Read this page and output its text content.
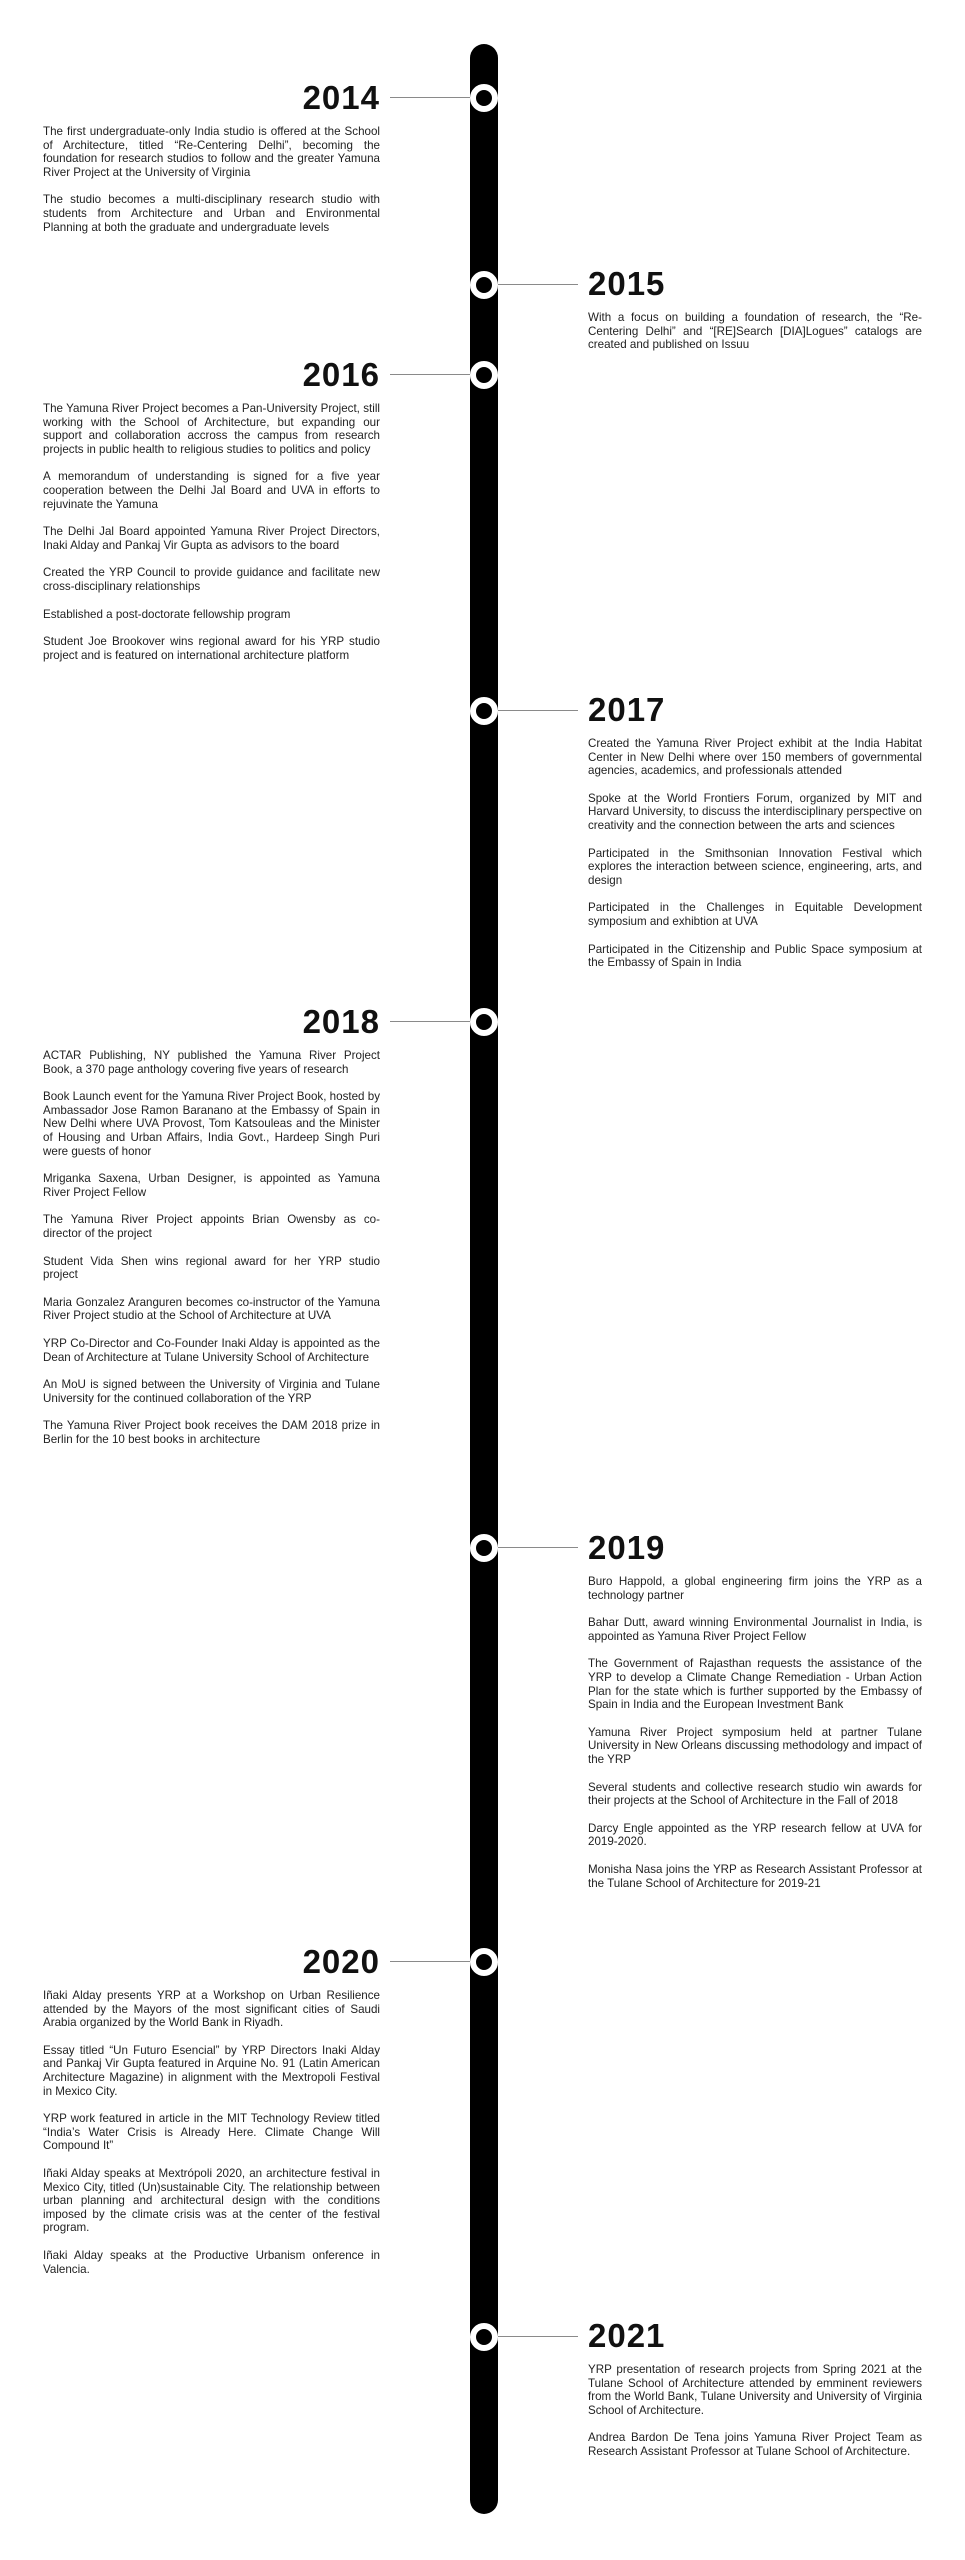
2014

The first undergraduate-only India studio is offered at the School of Architecture, titled “Re-Centering Delhi”, becoming the foundation for research studios to follow and the greater Yamuna River Project at the University of Virginia

The studio becomes a multi-disciplinary research studio with students from Architecture and Urban and Environmental Planning at both the graduate and undergraduate levels

2015

With a focus on building a foundation of research, the “Re-Centering Delhi” and “[RE]Search [DIA]Logues” catalogs are created and published on Issuu

2016

The Yamuna River Project becomes a Pan-University Project, still working with the School of Architecture, but expanding our support and collaboration accross the campus from research projects in public health to religious studies to politics and policy

A memorandum of understanding is signed for a five year cooperation between the Delhi Jal Board and UVA in efforts to rejuvinate the Yamuna

The Delhi Jal Board appointed Yamuna River Project Directors, Inaki Alday and Pankaj Vir Gupta as advisors to the board

Created the YRP Council to provide guidance and facilitate new cross-disciplinary relationships

Established a post-doctorate fellowship program

Student Joe Brookover wins regional award for his YRP studio project and is featured on international architecture platform

2017

Created the Yamuna River Project exhibit at the India Habitat Center in New Delhi where over 150 members of governmental agencies, academics, and professionals attended

Spoke at the World Frontiers Forum, organized by MIT and Harvard University, to discuss the interdisciplinary perspective on creativity and the connection between the arts and sciences

Participated in the Smithsonian Innovation Festival which explores the interaction between science, engineering, arts, and design

Participated in the Challenges in Equitable Development symposium and exhibtion at UVA

Participated in the Citizenship and Public Space symposium at the Embassy of Spain in India

2018

ACTAR Publishing, NY published the Yamuna River Project Book, a 370 page anthology covering five years of research

Book Launch event for the Yamuna River Project Book, hosted by Ambassador Jose Ramon Baranano at the Embassy of Spain in New Delhi where UVA Provost, Tom Katsouleas and the Minister of Housing and Urban Affairs, India Govt., Hardeep Singh Puri were guests of honor

Mriganka Saxena, Urban Designer, is appointed as Yamuna River Project Fellow

The Yamuna River Project appoints Brian Owensby as co-director of the project

Student Vida Shen wins regional award for her YRP studio project

Maria Gonzalez Aranguren becomes co-instructor of the Yamuna River Project studio at the School of Architecture at UVA

YRP Co-Director and Co-Founder Inaki Alday is appointed as the Dean of Architecture at Tulane University School of Architecture

An MoU is signed between the University of Virginia and Tulane University for the continued collaboration of the YRP

The Yamuna River Project book receives the DAM 2018 prize in Berlin for the 10 best books in architecture

2019

Buro Happold, a global engineering firm joins the YRP as a technology partner

Bahar Dutt, award winning Environmental Journalist in India, is appointed as Yamuna River Project Fellow

The Government of Rajasthan requests the assistance of the YRP to develop a Climate Change Remediation - Urban Action Plan for the state which is further supported by the Embassy of Spain in India and the European Investment Bank

Yamuna River Project symposium held at partner Tulane University in New Orleans discussing methodology and impact of the YRP

Several students and collective research studio win awards for their projects at the School of Architecture in the Fall of 2018

Darcy Engle appointed as the YRP research fellow at UVA for 2019-2020.

Monisha Nasa joins the YRP as Research Assistant Professor at the Tulane School of Architecture for 2019-21

2020

Iñaki Alday presents YRP at a Workshop on Urban Resilience attended by the Mayors of the most significant cities of Saudi Arabia organized by the World Bank in Riyadh.

Essay titled “Un Futuro Esencial” by YRP Directors Inaki Alday and Pankaj Vir Gupta featured in Arquine No. 91 (Latin American Architecture Magazine) in alignment with the Mextropoli Festival in Mexico City.

YRP work featured in article in the MIT Technology Review titled “India’s Water Crisis is Already Here. Climate Change Will Compound It”

Iñaki Alday speaks at Mextrópoli 2020, an architecture festival in Mexico City, titled (Un)sustainable City. The relationship between urban planning and architectural design with the conditions imposed by the climate crisis was at the center of the festival program.

Iñaki Alday speaks at the Productive Urbanism onference in Valencia.

2021

YRP presentation of research projects from Spring 2021 at the Tulane School of Architecture attended by emminent reviewers from the World Bank, Tulane University and University of Virginia School of Architecture.

Andrea Bardon De Tena joins Yamuna River Project Team as Research Assistant Professor at Tulane School of Architecture.
